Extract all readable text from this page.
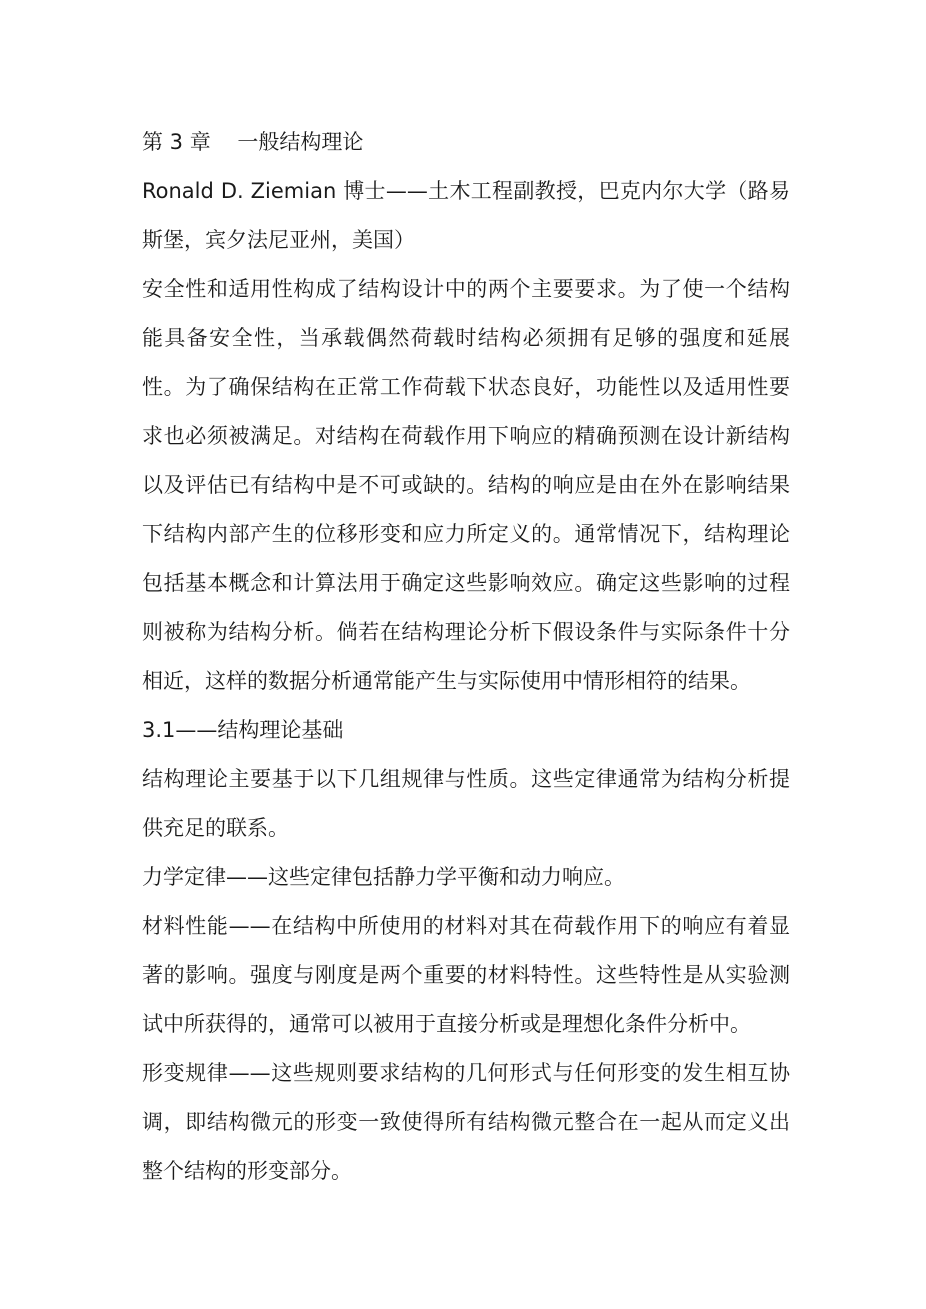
第 3 章    一般结构理论

Ronald D. Ziemian 博士——土木工程副教授，巴克内尔大学（路易斯堡，宾夕法尼亚州，美国）

安全性和适用性构成了结构设计中的两个主要要求。为了使一个结构能具备安全性，当承载偶然荷载时结构必须拥有足够的强度和延展性。为了确保结构在正常工作荷载下状态良好，功能性以及适用性要求也必须被满足。对结构在荷载作用下响应的精确预测在设计新结构以及评估已有结构中是不可或缺的。结构的响应是由在外在影响结果下结构内部产生的位移形变和应力所定义的。通常情况下，结构理论包括基本概念和计算法用于确定这些影响效应。确定这些影响的过程则被称为结构分析。倘若在结构理论分析下假设条件与实际条件十分相近，这样的数据分析通常能产生与实际使用中情形相符的结果。

3.1——结构理论基础

结构理论主要基于以下几组规律与性质。这些定律通常为结构分析提供充足的联系。

力学定律——这些定律包括静力学平衡和动力响应。

材料性能——在结构中所使用的材料对其在荷载作用下的响应有着显著的影响。强度与刚度是两个重要的材料特性。这些特性是从实验测试中所获得的，通常可以被用于直接分析或是理想化条件分析中。

形变规律——这些规则要求结构的几何形式与任何形变的发生相互协调，即结构微元的形变一致使得所有结构微元整合在一起从而定义出整个结构的形变部分。
